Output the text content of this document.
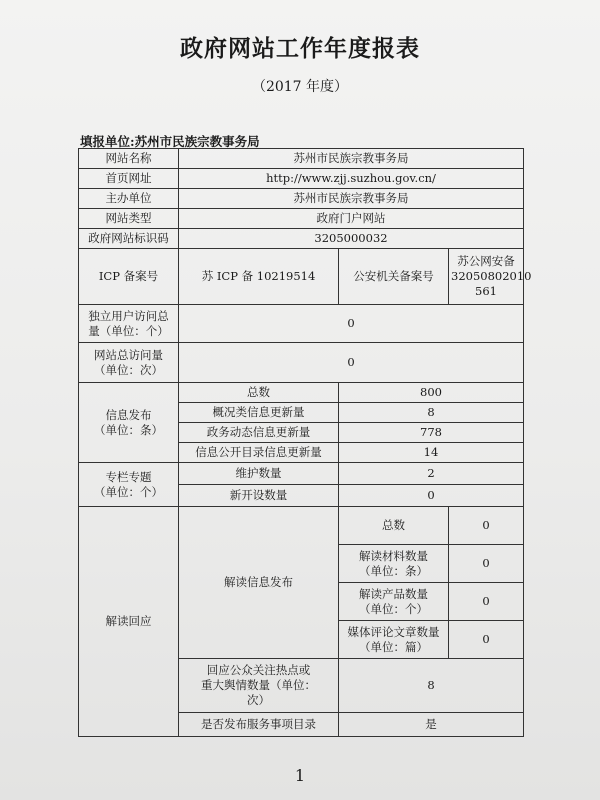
政府网站工作年度报表
（2017 年度）
填报单位:苏州市民族宗教事务局
网站名称	苏州市民族宗教事务局		
首页网址	http://www.zjj.suzhou.gov.cn/		
主办单位	苏州市民族宗教事务局		
网站类型	政府门户网站		
政府网站标识码	3205000032		
ICP 备案号	苏 ICP 备 10219514	公安机关备案号	苏公网安备
32050802010
561

独立用户访问总
量（单位：个）	0		

网站总访问量
（单位：次）	0		

信息发布
（单位：条）	总数	800	
	概况类信息更新量	8	
	政务动态信息更新量	778	
	信息公开目录信息更新量	14	

专栏专题
（单位：个）	维护数量	2	
	新开设数量	0	
解读回应	解读信息发布	总数	0

		解读材料数量
（单位：条）	0

		解读产品数量
（单位：个）	0

		媒体评论文章数量
（单位：篇）	0

	回应公众关注热点或
重大舆情数量（单位：
次）	8	
	是否发布服务事项目录	是	
1
